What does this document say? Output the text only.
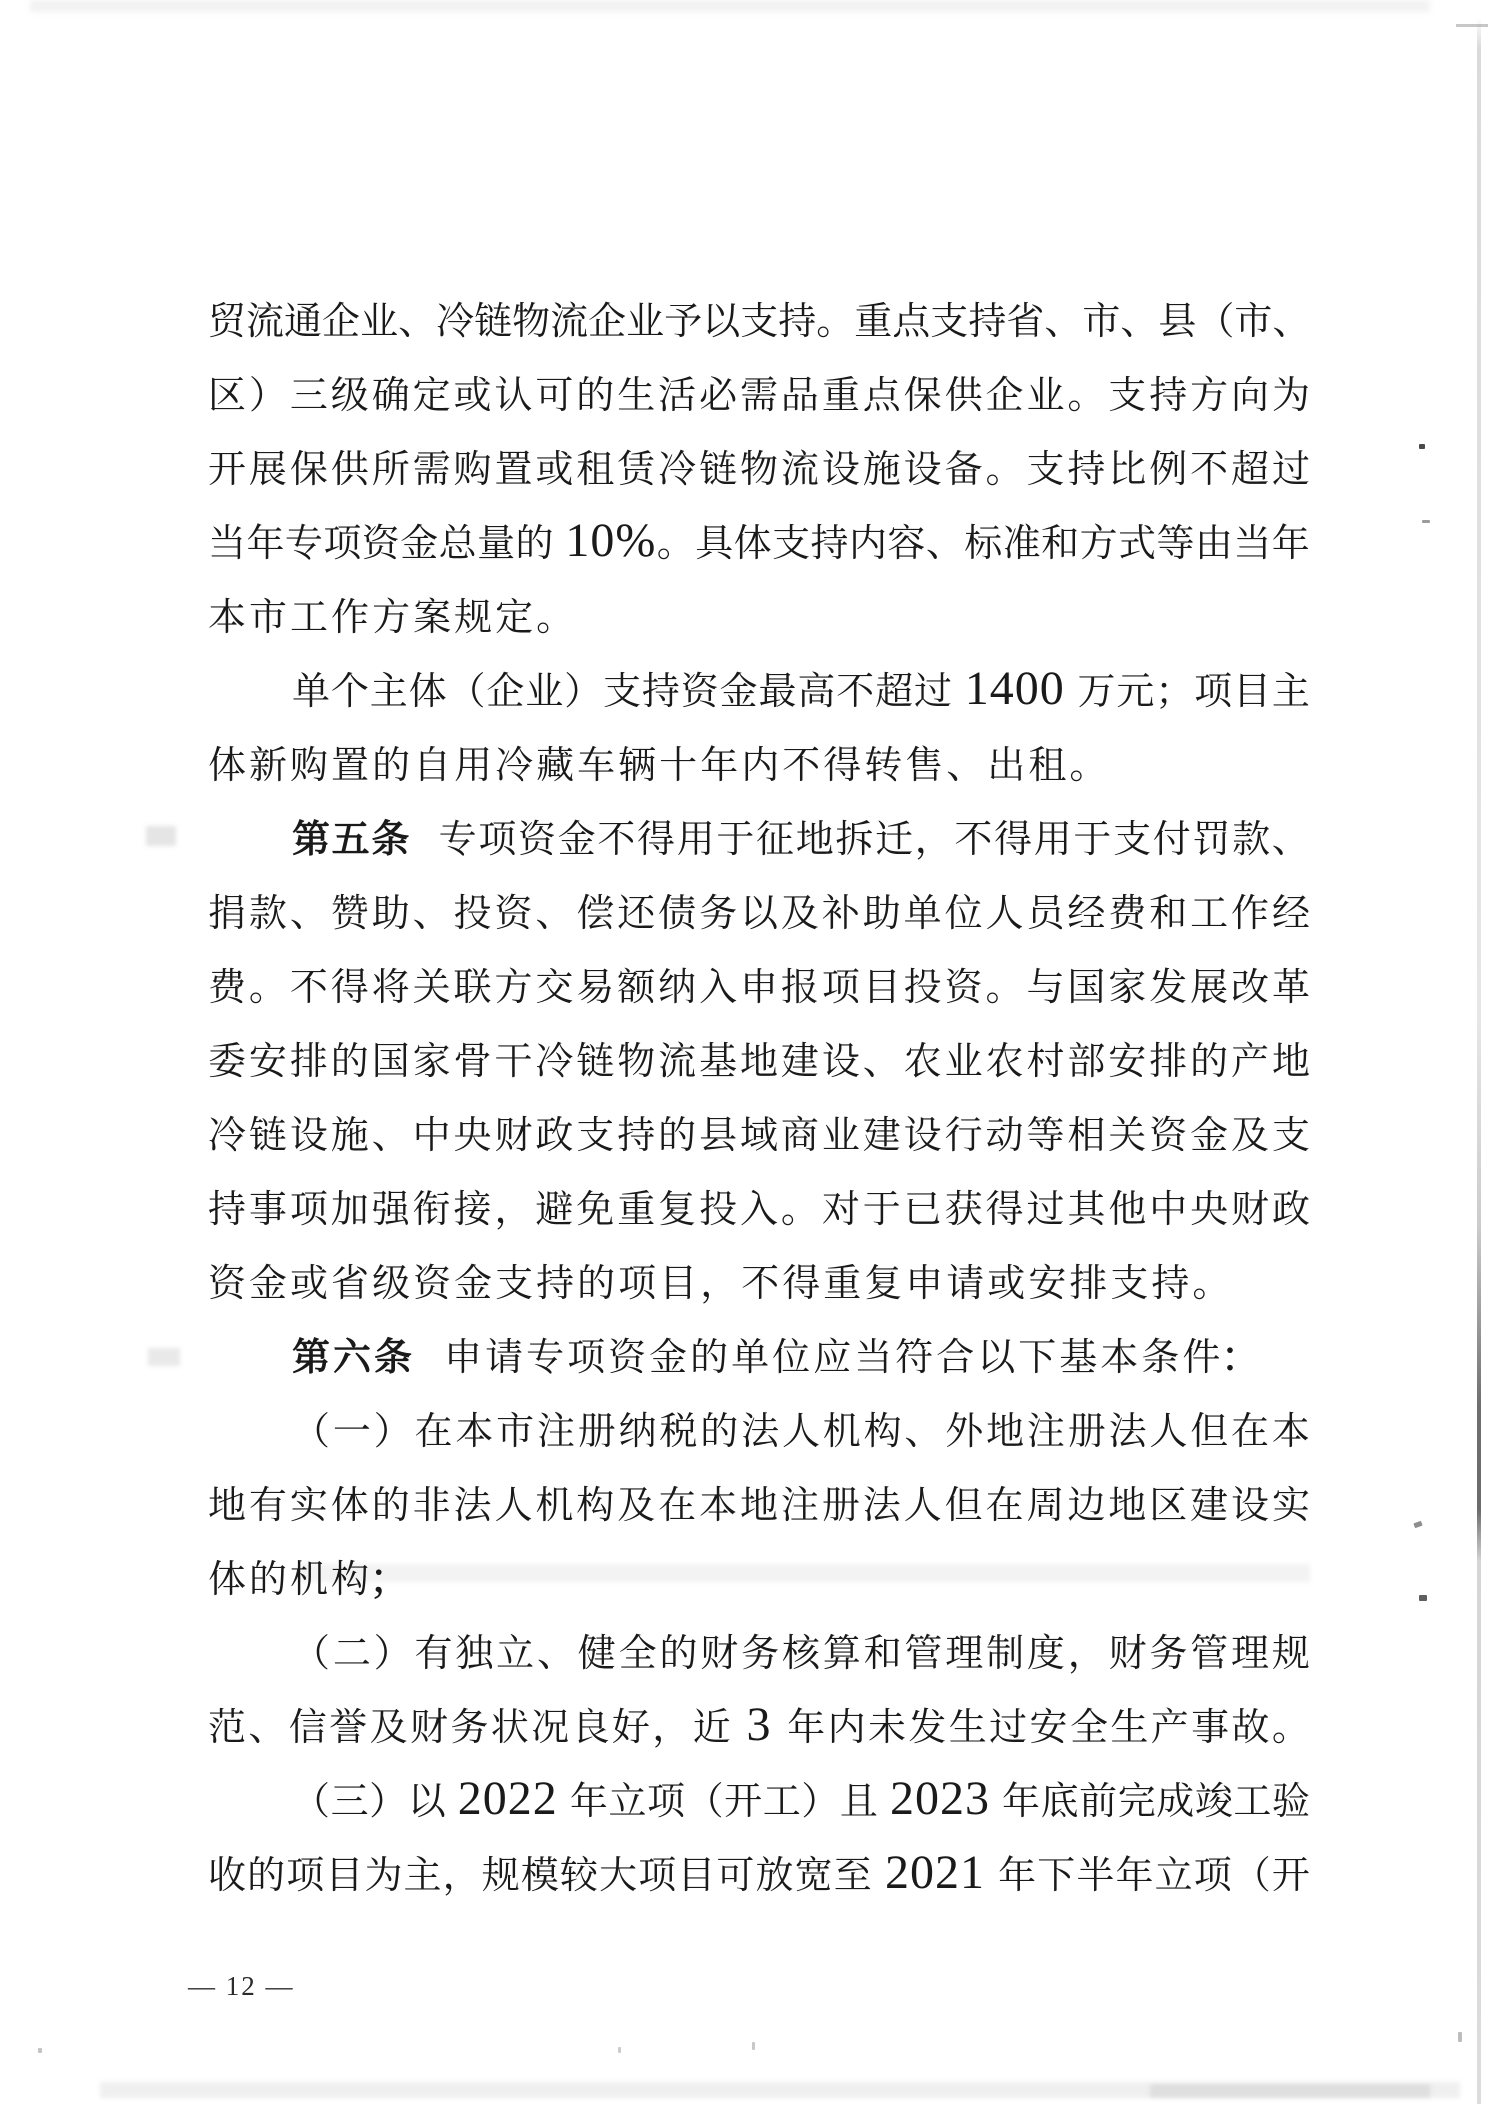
贸 流 通 企 业 、 冷 链 物 流 企 业 予 以 支 持 。 重 点 支 持 省 、 市 、 县 （ 市 、
区 ） 三 级 确 定 或 认 可 的 生 活 必 需 品 重 点 保 供 企 业 。 支 持 方 向 为
开 展 保 供 所 需 购 置 或 租 赁 冷 链 物 流 设 施 设 备 。 支 持 比 例 不 超 过
当 年 专 项 资 金 总 量 的 10% 。 具 体 支 持 内 容 、 标 准 和 方 式 等 由 当 年
本 市 工 作 方 案 规 定 。
单 个 主 体 （ 企 业 ） 支 持 资 金 最 高 不 超 过 1400 万 元 ； 项 目 主
体 新 购 置 的 自 用 冷 藏 车 辆 十 年 内 不 得 转 售 、 出 租 。
第 五 条 专 项 资 金 不 得 用 于 征 地 拆 迁 ， 不 得 用 于 支 付 罚 款 、
捐 款 、 赞 助 、 投 资 、 偿 还 债 务 以 及 补 助 单 位 人 员 经 费 和 工 作 经
费 。 不 得 将 关 联 方 交 易 额 纳 入 申 报 项 目 投 资 。 与 国 家 发 展 改 革
委 安 排 的 国 家 骨 干 冷 链 物 流 基 地 建 设 、 农 业 农 村 部 安 排 的 产 地
冷 链 设 施 、 中 央 财 政 支 持 的 县 域 商 业 建 设 行 动 等 相 关 资 金 及 支
持 事 项 加 强 衔 接 ， 避 免 重 复 投 入 。 对 于 已 获 得 过 其 他 中 央 财 政
资 金 或 省 级 资 金 支 持 的 项 目 ， 不 得 重 复 申 请 或 安 排 支 持 。
第 六 条 申 请 专 项 资 金 的 单 位 应 当 符 合 以 下 基 本 条 件 :
（ 一 ） 在 本 市 注 册 纳 税 的 法 人 机 构 、 外 地 注 册 法 人 但 在 本
地 有 实 体 的 非 法 人 机 构 及 在 本 地 注 册 法 人 但 在 周 边 地 区 建 设 实
体 的 机 构 ;
（ 二 ） 有 独 立 、 健 全 的 财 务 核 算 和 管 理 制 度 ， 财 务 管 理 规
范 、 信 誉 及 财 务 状 况 良 好 ， 近 3 年 内 未 发 生 过 安 全 生 产 事 故 。
（ 三 ） 以 2022 年 立 项 （ 开 工 ） 且 2023 年 底 前 完 成 竣 工 验
收 的 项 目 为 主 ， 规 模 较 大 项 目 可 放 宽 至 2021 年 下 半 年 立 项 （ 开
— 12 —
